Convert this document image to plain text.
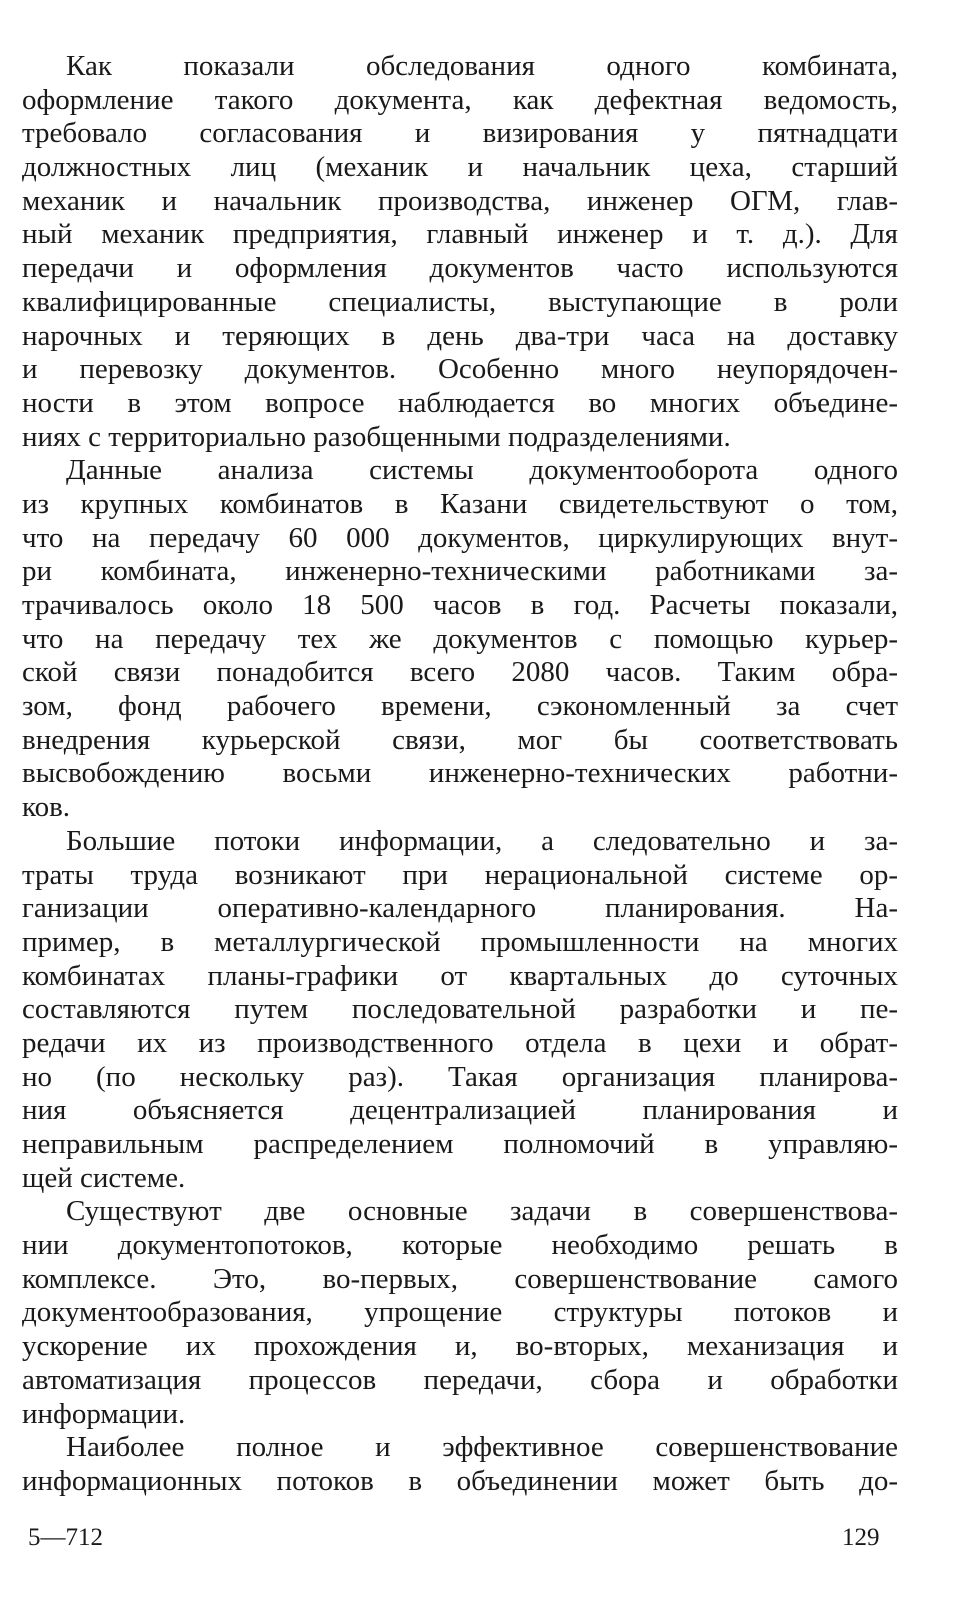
Как показали обследования одного комбината,
оформление такого документа, как дефектная ведомость,
требовало согласования и визирования у пятнадцати
должностных лиц (механик и начальник цеха, старший
механик и начальник производства, инженер ОГМ, глав-
ный механик предприятия, главный инженер и т. д.). Для
передачи и оформления документов часто используются
квалифицированные специалисты, выступающие в роли
нарочных и теряющих в день два-три часа на доставку
и перевозку документов. Особенно много неупорядочен-
ности в этом вопросе наблюдается во многих объедине-
ниях с территориально разобщенными подразделениями.
Данные анализа системы документооборота одного
из крупных комбинатов в Казани свидетельствуют о том,
что на передачу 60 000 документов, циркулирующих внут-
ри комбината, инженерно-техническими работниками за-
трачивалось около 18 500 часов в год. Расчеты показали,
что на передачу тех же документов с помощью курьер-
ской связи понадобится всего 2080 часов. Таким обра-
зом, фонд рабочего времени, сэкономленный за счет
внедрения курьерской связи, мог бы соответствовать
высвобождению восьми инженерно-технических работни-
ков.
Большие потоки информации, а следовательно и за-
траты труда возникают при нерациональной системе ор-
ганизации оперативно-календарного планирования. На-
пример, в металлургической промышленности на многих
комбинатах планы-графики от квартальных до суточных
составляются путем последовательной разработки и пе-
редачи их из производственного отдела в цехи и обрат-
но (по нескольку раз). Такая организация планирова-
ния объясняется децентрализацией планирования и
неправильным распределением полномочий в управляю-
щей системе.
Существуют две основные задачи в совершенствова-
нии документопотоков, которые необходимо решать в
комплексе. Это, во-первых, совершенствование самого
документообразования, упрощение структуры потоков и
ускорение их прохождения и, во-вторых, механизация и
автоматизация процессов передачи, сбора и обработки
информации.
Наиболее полное и эффективное совершенствование
информационных потоков в объединении может быть до-
5—712	129
